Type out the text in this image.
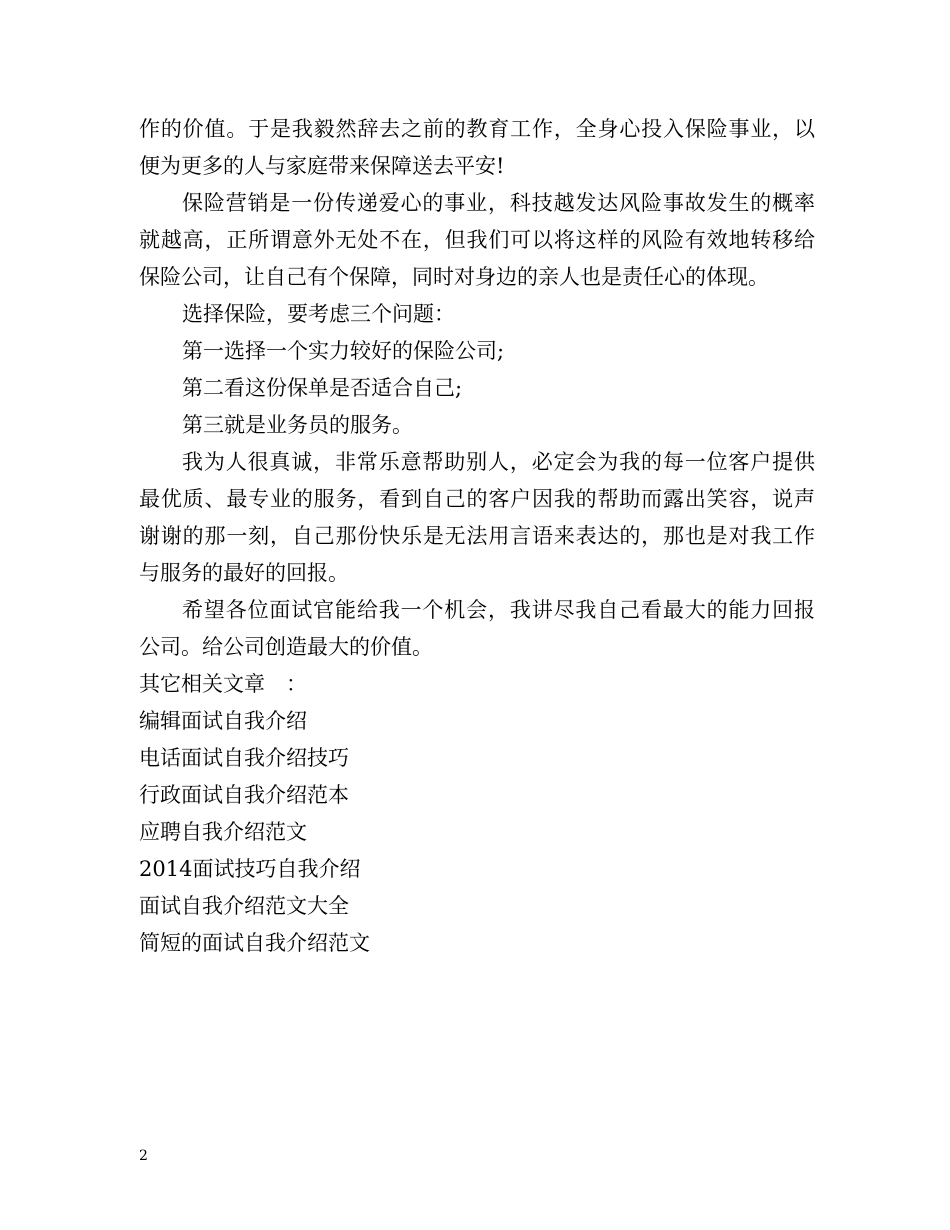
作的价值。于是我毅然辞去之前的教育工作，全身心投入保险事业，以
便为更多的人与家庭带来保障送去平安!
保险营销是一份传递爱心的事业，科技越发达风险事故发生的概率
就越高，正所谓意外无处不在，但我们可以将这样的风险有效地转移给
保险公司，让自己有个保障，同时对身边的亲人也是责任心的体现。
选择保险，要考虑三个问题：
第一选择一个实力较好的保险公司;
第二看这份保单是否适合自己;
第三就是业务员的服务。
我为人很真诚，非常乐意帮助别人，必定会为我的每一位客户提供
最优质、最专业的服务，看到自己的客户因我的帮助而露出笑容，说声
谢谢的那一刻，自己那份快乐是无法用言语来表达的，那也是对我工作
与服务的最好的回报。
希望各位面试官能给我一个机会，我讲尽我自己看最大的能力回报
公司。给公司创造最大的价值。
其它相关文章　：
编辑面试自我介绍
电话面试自我介绍技巧
行政面试自我介绍范本
应聘自我介绍范文
2014面试技巧自我介绍
面试自我介绍范文大全
简短的面试自我介绍范文
2
